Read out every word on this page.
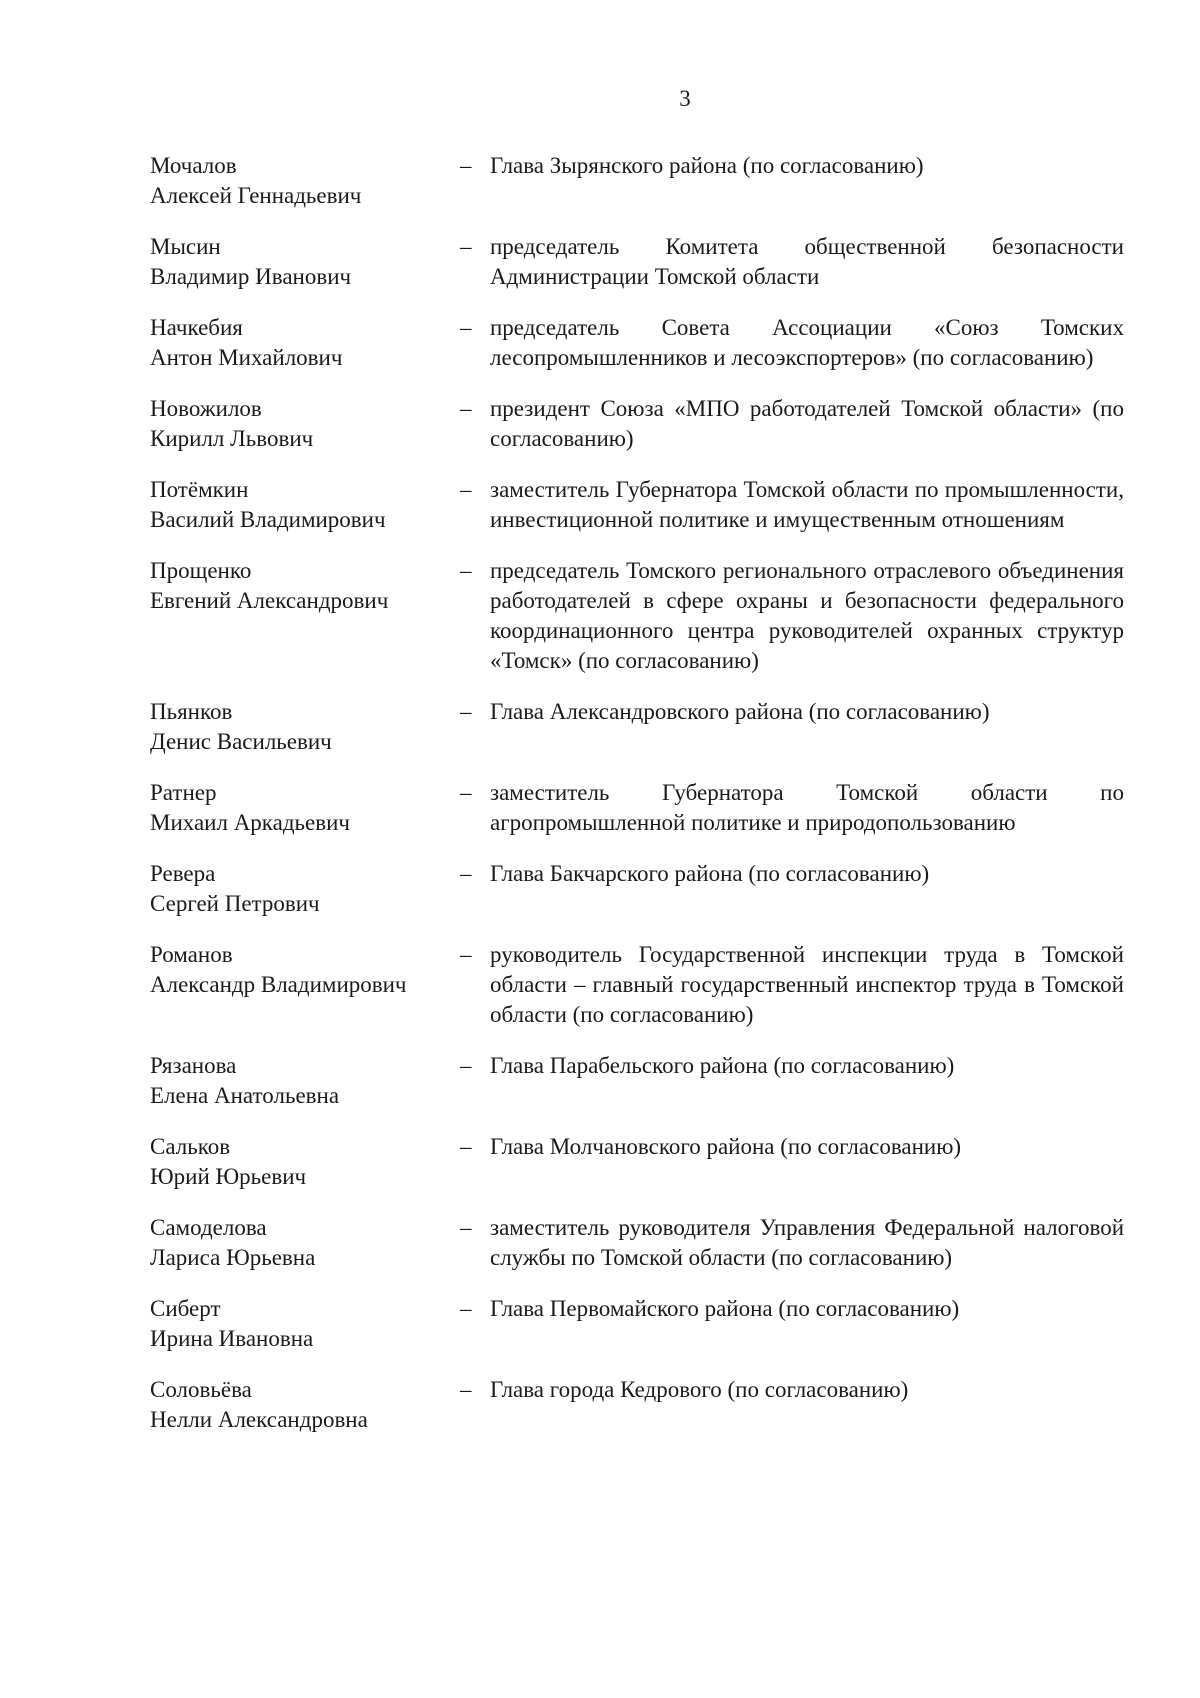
3
Мочалов
Алексей Геннадьевич
– Глава Зырянского района (по согласованию)
Мысин
Владимир Иванович
– председатель Комитета общественной безопасности Администрации Томской области
Начкебия
Антон Михайлович
– председатель Совета Ассоциации «Союз Томских лесопромышленников и лесоэкспортеров» (по согласованию)
Новожилов
Кирилл Львович
– президент Союза «МПО работодателей Томской области» (по согласованию)
Потёмкин
Василий Владимирович
– заместитель Губернатора Томской области по промышленности, инвестиционной политике и имущественным отношениям
Прощенко
Евгений Александрович
– председатель Томского регионального отраслевого объединения работодателей в сфере охраны и безопасности федерального координационного центра руководителей охранных структур «Томск» (по согласованию)
Пьянков
Денис Васильевич
– Глава Александровского района (по согласованию)
Ратнер
Михаил Аркадьевич
– заместитель Губернатора Томской области по агропромышленной политике и природопользованию
Ревера
Сергей Петрович
– Глава Бакчарского района (по согласованию)
Романов
Александр Владимирович
– руководитель Государственной инспекции труда в Томской области – главный государственный инспектор труда в Томской области (по согласованию)
Рязанова
Елена Анатольевна
– Глава Парабельского района (по согласованию)
Сальков
Юрий Юрьевич
– Глава Молчановского района (по согласованию)
Самоделова
Лариса Юрьевна
– заместитель руководителя Управления Федеральной налоговой службы по Томской области (по согласованию)
Сиберт
Ирина Ивановна
– Глава Первомайского района (по согласованию)
Соловьёва
Нелли Александровна
– Глава города Кедрового (по согласованию)
